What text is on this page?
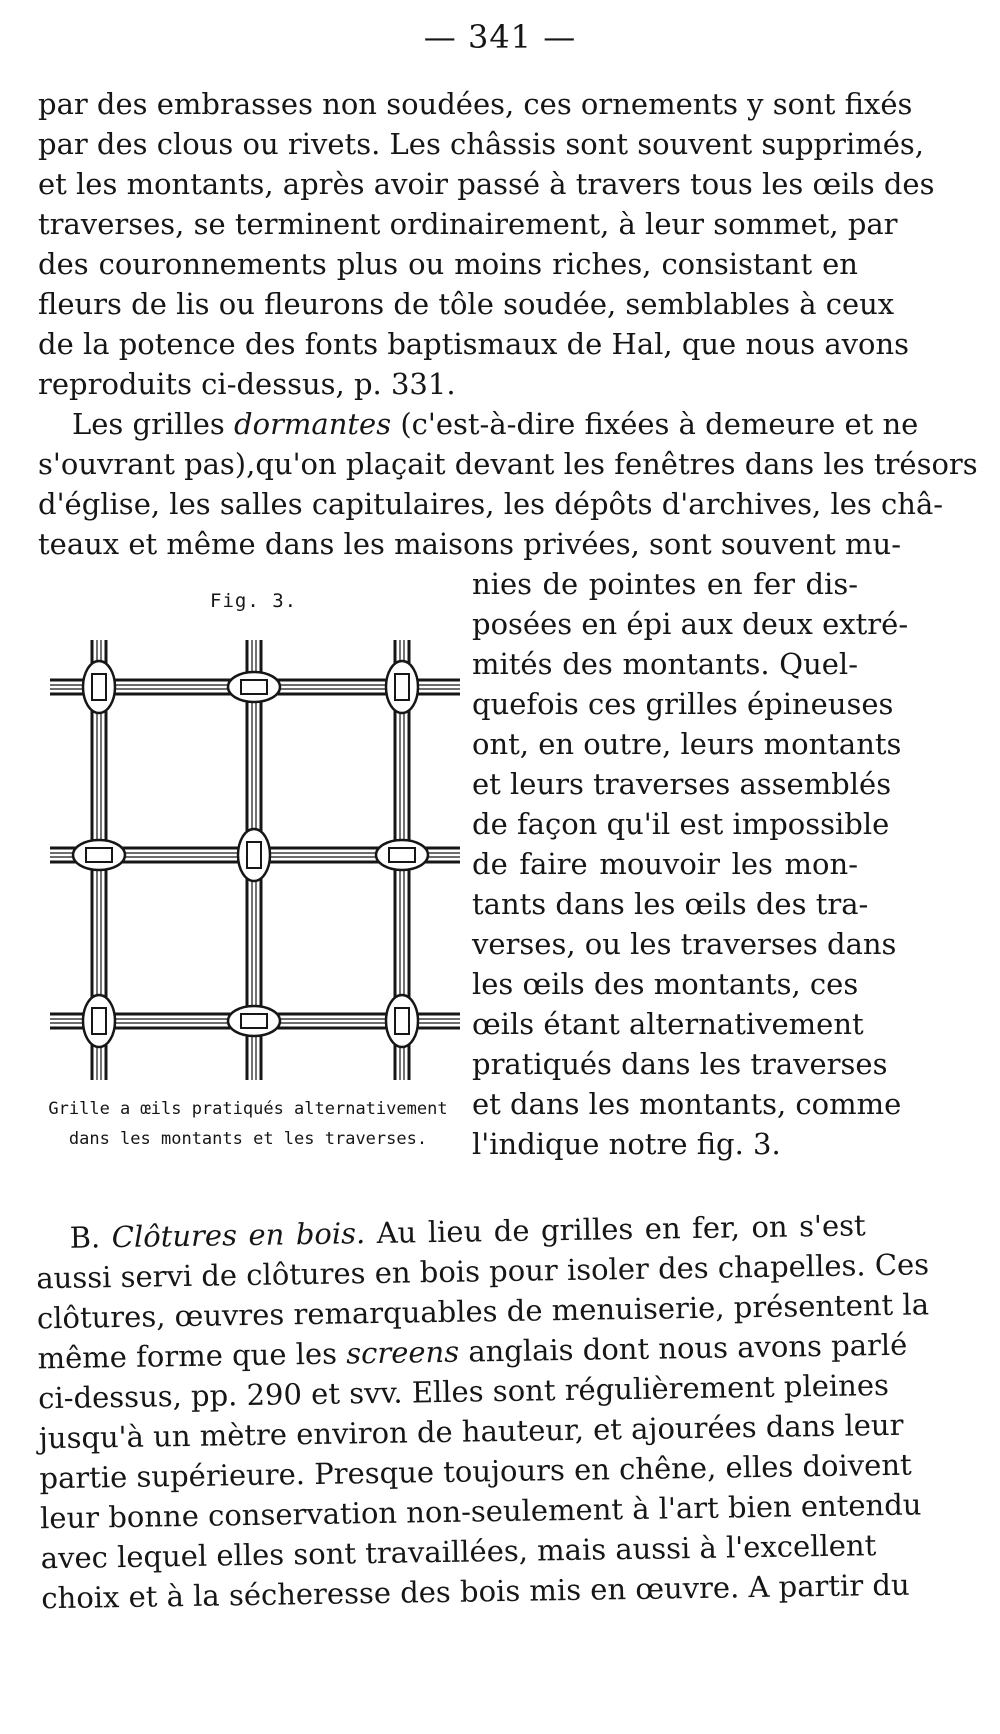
— 341 —
par des embrasses non soudées, ces ornements y sont fixés
par des clous ou rivets. Les châssis sont souvent supprimés,
et les montants, après avoir passé à travers tous les œils des
traverses, se terminent ordinairement, à leur sommet, par
des couronnements plus ou moins riches, consistant en
fleurs de lis ou fleurons de tôle soudée, semblables à ceux
de la potence des fonts baptismaux de Hal, que nous avons
reproduits ci-dessus, p. 331.
Les grilles dormantes (c'est-à-dire fixées à demeure et ne
s'ouvrant pas),qu'on plaçait devant les fenêtres dans les trésors
d'église, les salles capitulaires, les dépôts d'archives, les châ-
teaux et même dans les maisons privées, sont souvent mu-
nies de pointes en fer dis-
posées en épi aux deux extré-
mités des montants. Quel-
quefois ces grilles épineuses
ont, en outre, leurs montants
et leurs traverses assemblés
de façon qu'il est impossible
de faire mouvoir les mon-
tants dans les œils des tra-
verses, ou les traverses dans
les œils des montants, ces
œils étant alternativement
pratiqués dans les traverses
et dans les montants, comme
l'indique notre fig. 3.
Fig. 3.
Grille a œils pratiqués alternativement
dans les montants et les traverses.
B. Clôtures en bois. Au lieu de grilles en fer, on s'est
aussi servi de clôtures en bois pour isoler des chapelles. Ces
clôtures, œuvres remarquables de menuiserie, présentent la
même forme que les screens anglais dont nous avons parlé
ci-dessus, pp. 290 et svv. Elles sont régulièrement pleines
jusqu'à un mètre environ de hauteur, et ajourées dans leur
partie supérieure. Presque toujours en chêne, elles doivent
leur bonne conservation non-seulement à l'art bien entendu
avec lequel elles sont travaillées, mais aussi à l'excellent
choix et à la sécheresse des bois mis en œuvre. A partir du
